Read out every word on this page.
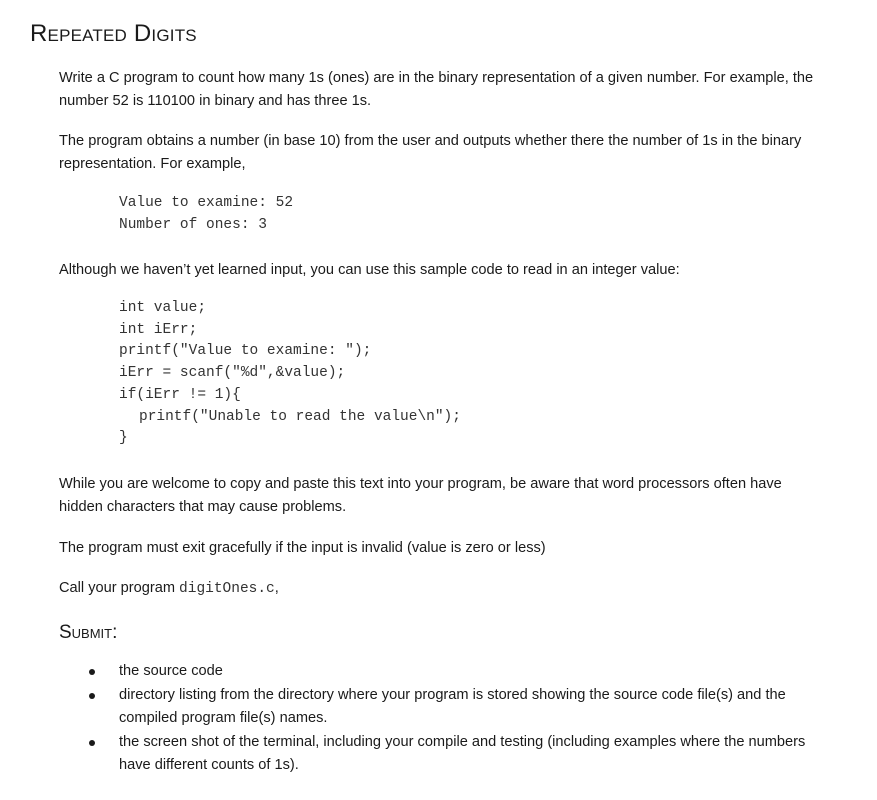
Repeated Digits
Write a C program to count how many 1s (ones) are in the binary representation of a given number. For example, the number 52 is 110100 in binary and has three 1s.
The program obtains a number (in base 10) from the user and outputs whether there the number of 1s in the binary representation. For example,
Value to examine: 52
Number of ones: 3
Although we haven’t yet learned input, you can use this sample code to read in an integer value:
int value;
int iErr;
printf("Value to examine: ");
iErr = scanf("%d",&value);
if(iErr != 1){
printf("Unable to read the value\n");
}
While you are welcome to copy and paste this text into your program, be aware that word processors often have hidden characters that may cause problems.
The program must exit gracefully if the input is invalid (value is zero or less)
Call your program digitOnes.c,
Submit:
the source code
directory listing from the directory where your program is stored showing the source code file(s) and the compiled program file(s) names.
the screen shot of the terminal, including your compile and testing (including examples where the numbers have different counts of 1s).
